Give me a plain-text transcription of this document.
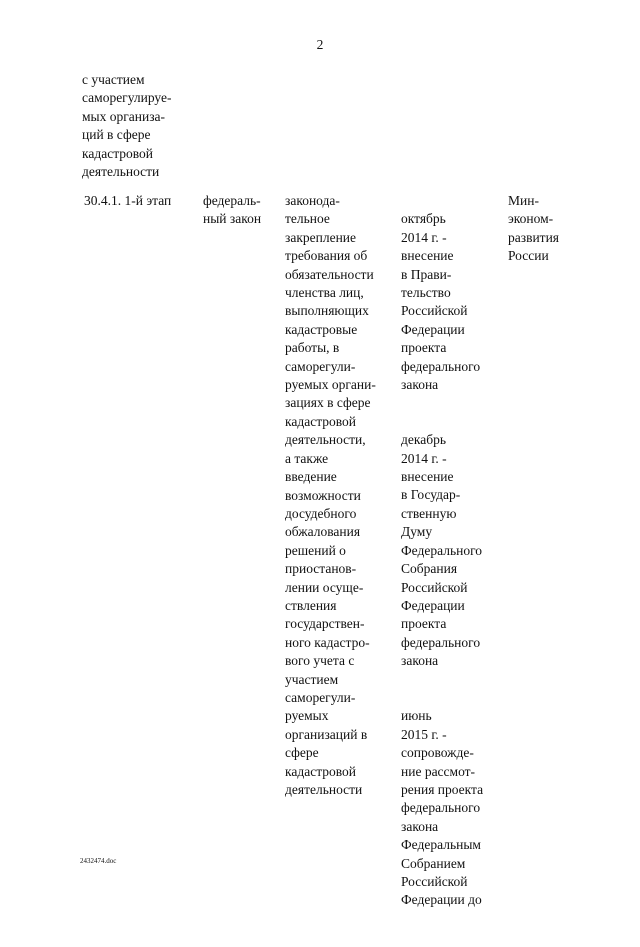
2
с участием
саморегулируе-
мых организа-
ций в сфере
кадастровой
деятельности
30.4.1. 1-й этап	федераль-
ный закон
законода-
тельное
закрепление
требования об
обязательности
членства лиц,
выполняющих
кадастровые
работы, в
саморегули-
руемых органи-
зациях в сфере
кадастровой
деятельности,
а также
введение
возможности
досудебного
обжалования
решений о
приостанов-
лении осуще-
ствления
государствен-
ного кадастро-
вого учета с
участием
саморегули-
руемых
организаций в
сфере
кадастровой
деятельности

октябрь
2014 г. -
внесение
в Прави-
тельство
Российской
Федерации
проекта
федерального
закона

декабрь
2014 г. -
внесение
в Государ-
ственную
Думу
Федерального
Собрания
Российской
Федерации
проекта
федерального
закона

июнь
2015 г. -
сопровожде-
ние рассмот-
рения проекта
федерального
закона
Федеральным
Собранием
Российской
Федерации до

Мин-
эконом-
развития
России
2432474.doc
